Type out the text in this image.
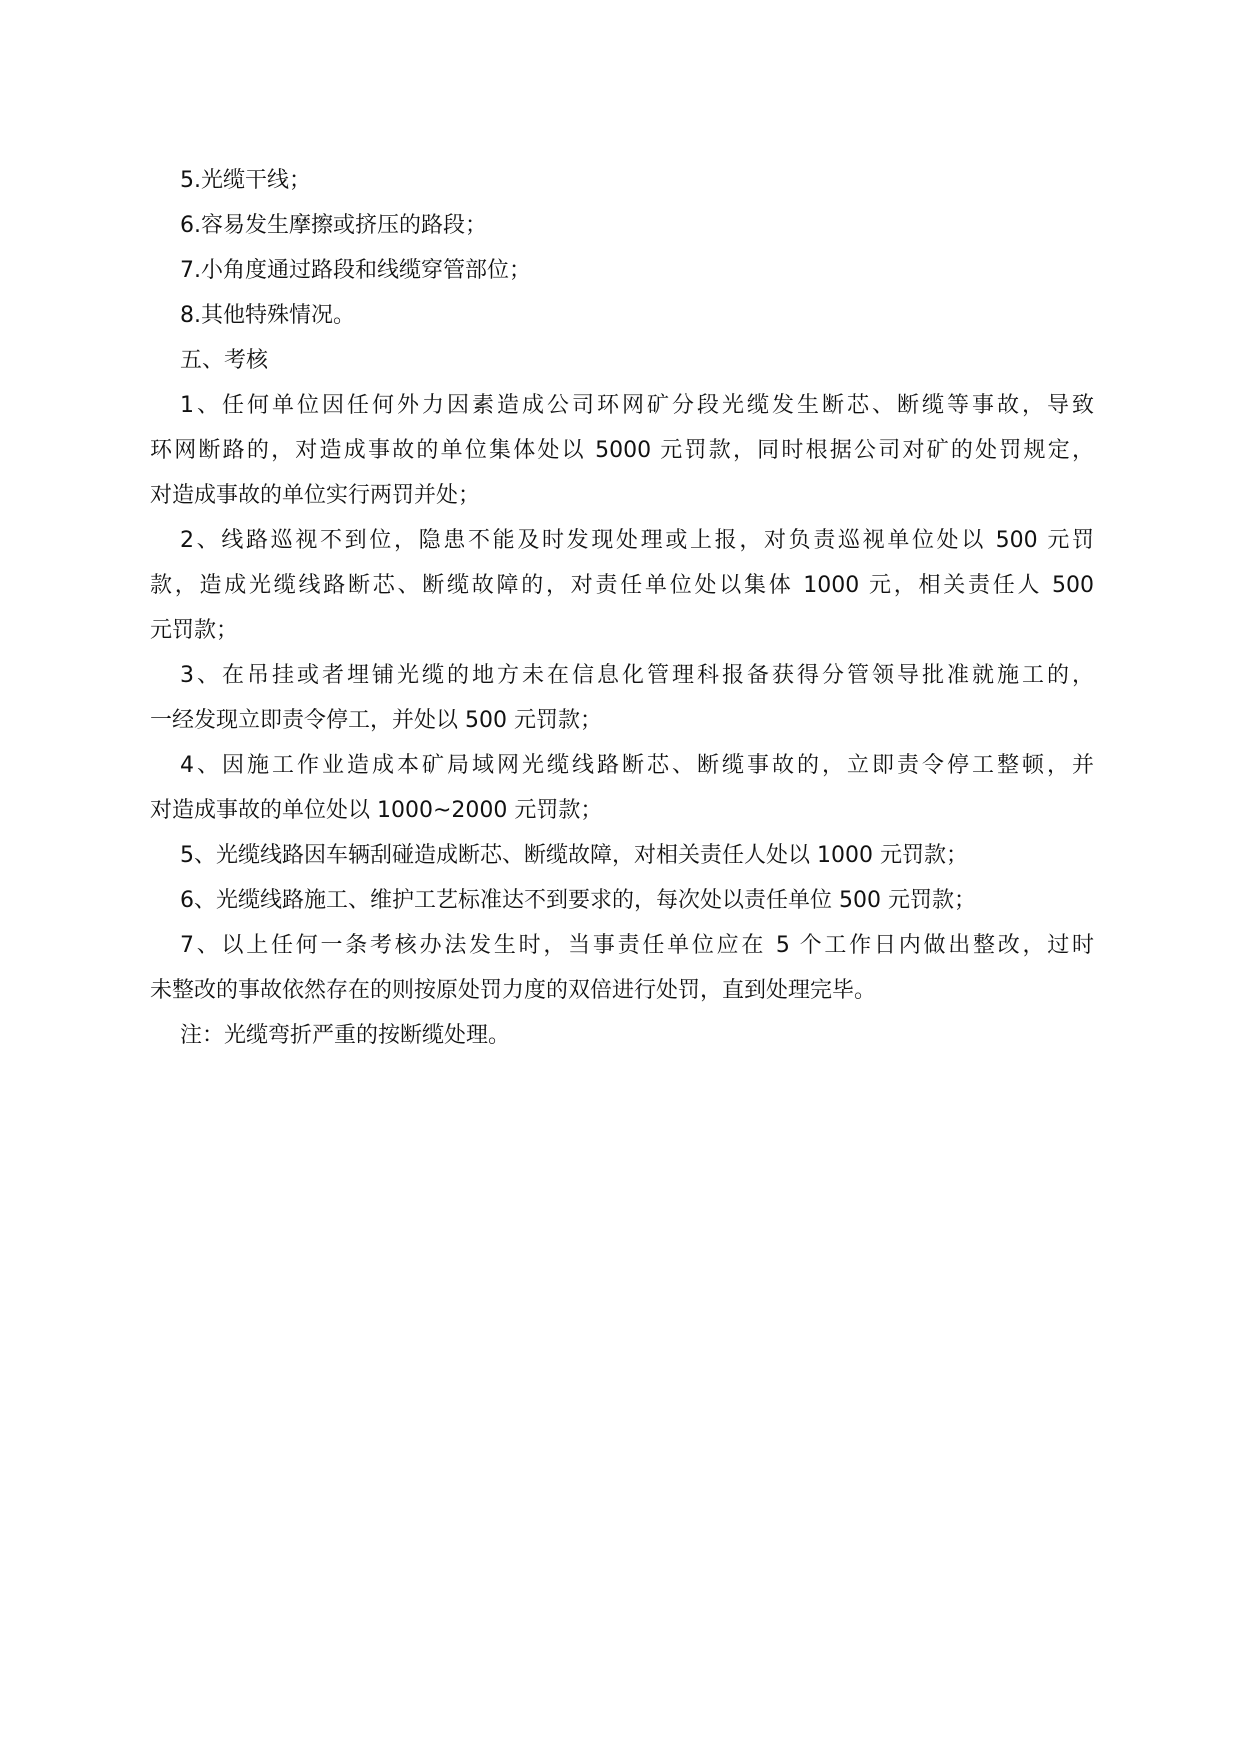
5.光缆干线；

6.容易发生摩擦或挤压的路段；

7.小角度通过路段和线缆穿管部位；

8.其他特殊情况。

五、考核

1、任何单位因任何外力因素造成公司环网矿分段光缆发生断芯、断缆等事故，导致

环网断路的，对造成事故的单位集体处以 5000 元罚款，同时根据公司对矿的处罚规定，

对造成事故的单位实行两罚并处；

2、线路巡视不到位，隐患不能及时发现处理或上报，对负责巡视单位处以 500 元罚

款，造成光缆线路断芯、断缆故障的，对责任单位处以集体 1000 元，相关责任人 500

元罚款；

3、在吊挂或者埋铺光缆的地方未在信息化管理科报备获得分管领导批准就施工的，

一经发现立即责令停工，并处以 500 元罚款；

4、因施工作业造成本矿局域网光缆线路断芯、断缆事故的，立即责令停工整顿，并

对造成事故的单位处以 1000~2000 元罚款；

5、光缆线路因车辆刮碰造成断芯、断缆故障，对相关责任人处以 1000 元罚款；

6、光缆线路施工、维护工艺标准达不到要求的，每次处以责任单位 500 元罚款；

7、以上任何一条考核办法发生时，当事责任单位应在 5 个工作日内做出整改，过时

未整改的事故依然存在的则按原处罚力度的双倍进行处罚，直到处理完毕。

注：光缆弯折严重的按断缆处理。
